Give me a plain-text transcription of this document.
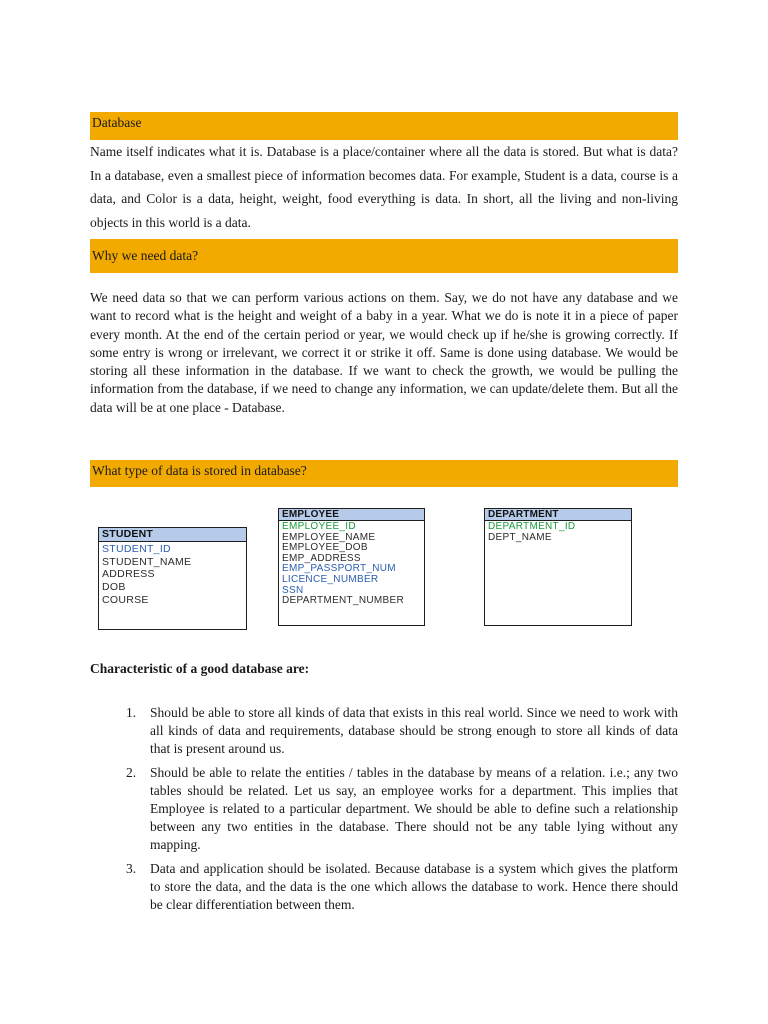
Database

Name itself indicates what it is. Database is a place/container where all the data is stored. But what is data? In a database, even a smallest piece of information becomes data. For example, Student is a data, course is a data, and Color is a data, height, weight, food everything is data. In short, all the living and non-living objects in this world is a data.

Why we need data?

We need data so that we can perform various actions on them. Say, we do not have any database and we want to record what is the height and weight of a baby in a year. What we do is note it in a piece of paper every month. At the end of the certain period or year, we would check up if he/she is growing correctly. If some entry is wrong or irrelevant, we correct it or strike it off. Same is done using database. We would be storing all these information in the database. If we want to check the growth, we would be pulling the information from the database, if we need to change any information, we can update/delete them. But all the data will be at one place - Database.

What type of data is stored in database?
STUDENT
STUDENT_ID
STUDENT_NAME
ADDRESS
DOB
COURSE
EMPLOYEE
EMPLOYEE_ID
EMPLOYEE_NAME
EMPLOYEE_DOB
EMP_ADDRESS
EMP_PASSPORT_NUM
LICENCE_NUMBER
SSN
DEPARTMENT_NUMBER
DEPARTMENT
DEPARTMENT_ID
DEPT_NAME
Characteristic of a good database are:
1. Should be able to store all kinds of data that exists in this real world. Since we need to work with all kinds of data and requirements, database should be strong enough to store all kinds of data that is present around us.
2. Should be able to relate the entities / tables in the database by means of a relation. i.e.; any two tables should be related. Let us say, an employee works for a department. This implies that Employee is related to a particular department. We should be able to define such a relationship between any two entities in the database. There should not be any table lying without any mapping.
3. Data and application should be isolated. Because database is a system which gives the platform to store the data, and the data is the one which allows the database to work. Hence there should be clear differentiation between them.
